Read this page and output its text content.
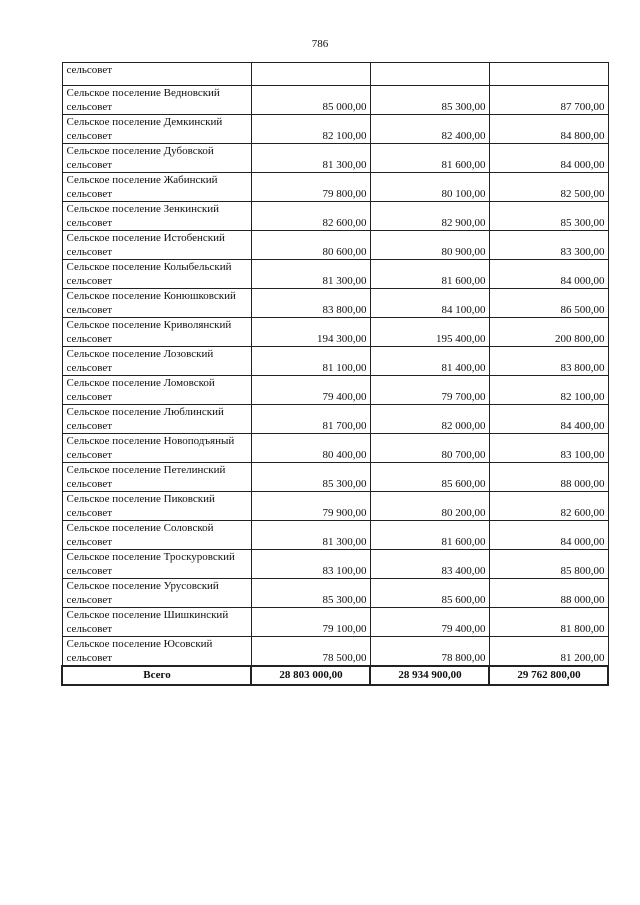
786
сельсовет			
Сельское поселение Ведновский сельсовет	85 000,00	85 300,00	87 700,00
Сельское поселение Демкинский сельсовет	82 100,00	82 400,00	84 800,00
Сельское поселение Дубовской сельсовет	81 300,00	81 600,00	84 000,00
Сельское поселение Жабинский сельсовет	79 800,00	80 100,00	82 500,00
Сельское поселение Зенкинский сельсовет	82 600,00	82 900,00	85 300,00
Сельское поселение Истобенский сельсовет	80 600,00	80 900,00	83 300,00
Сельское поселение Колыбельский сельсовет	81 300,00	81 600,00	84 000,00
Сельское поселение Конюшковский сельсовет	83 800,00	84 100,00	86 500,00
Сельское поселение Криволянский сельсовет	194 300,00	195 400,00	200 800,00
Сельское поселение Лозовский сельсовет	81 100,00	81 400,00	83 800,00
Сельское поселение Ломовской сельсовет	79 400,00	79 700,00	82 100,00
Сельское поселение Люблинский сельсовет	81 700,00	82 000,00	84 400,00
Сельское поселение Новоподъяный сельсовет	80 400,00	80 700,00	83 100,00
Сельское поселение Петелинский сельсовет	85 300,00	85 600,00	88 000,00
Сельское поселение Пиковский сельсовет	79 900,00	80 200,00	82 600,00
Сельское поселение Соловской сельсовет	81 300,00	81 600,00	84 000,00
Сельское поселение Троскуровский сельсовет	83 100,00	83 400,00	85 800,00
Сельское поселение Урусовский сельсовет	85 300,00	85 600,00	88 000,00
Сельское поселение Шишкинский сельсовет	79 100,00	79 400,00	81 800,00
Сельское поселение Юсовский сельсовет	78 500,00	78 800,00	81 200,00
Всего	28 803 000,00	28 934 900,00	29 762 800,00
